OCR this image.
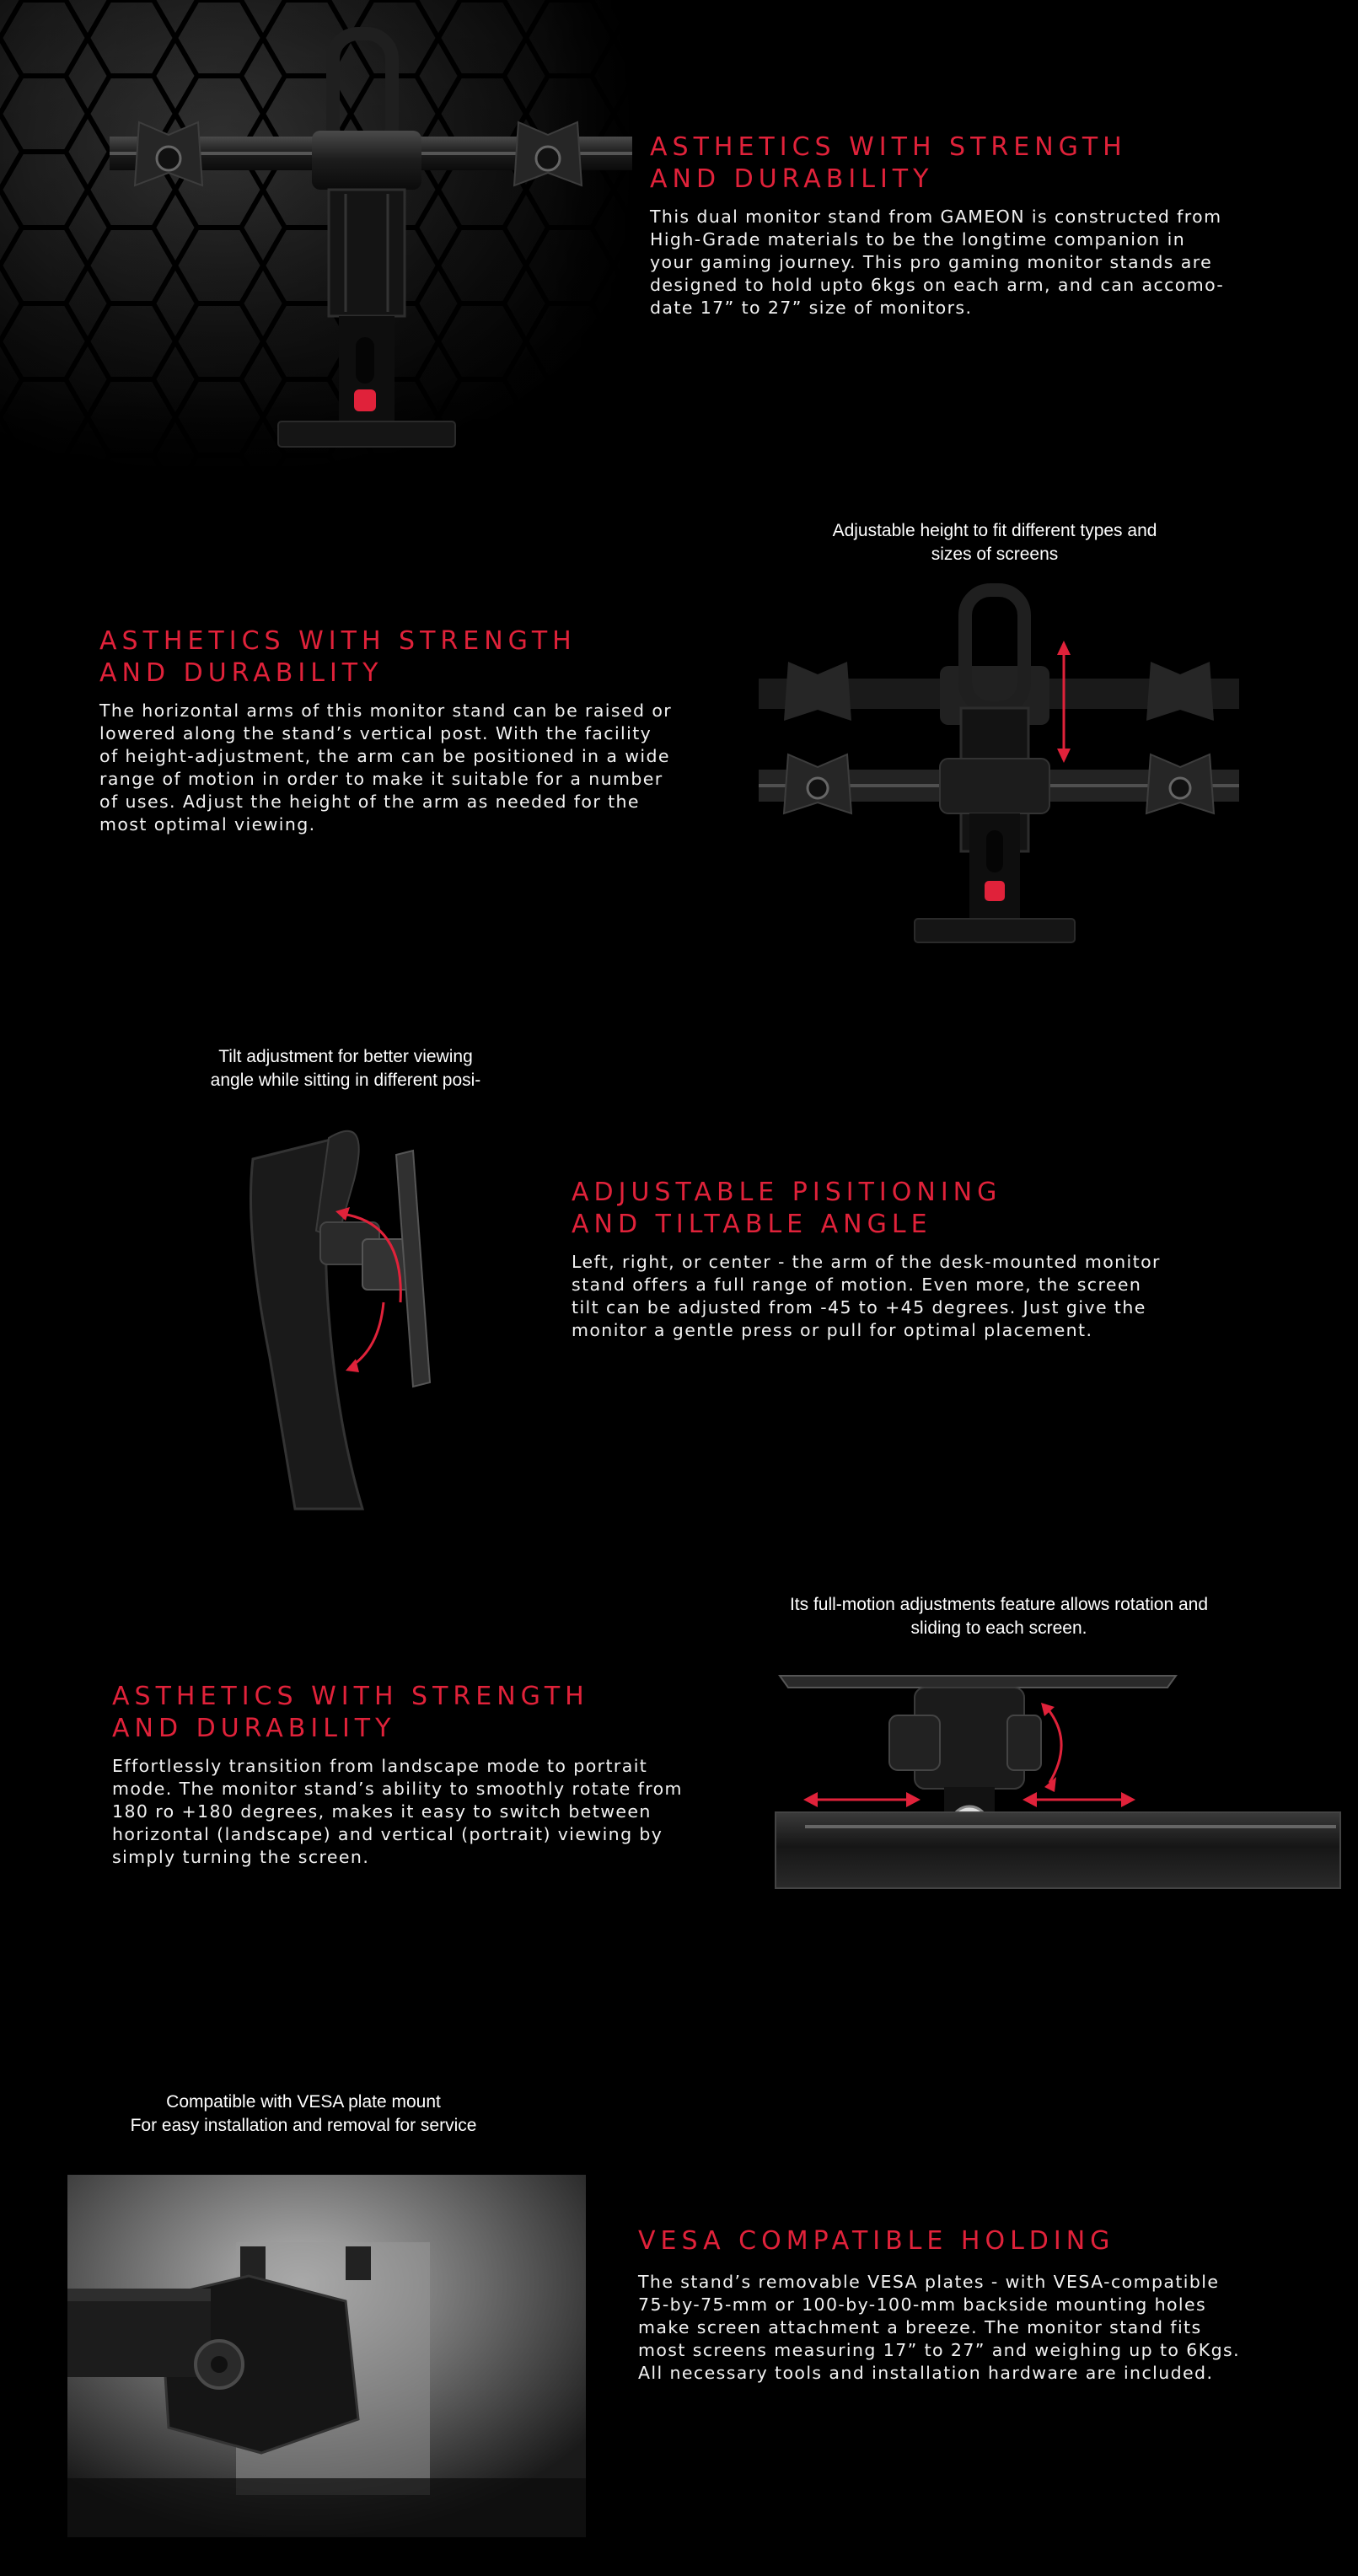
ASTHETICS WITH STRENGTH
AND DURABILITY

This dual monitor stand from GAMEON is constructed from
High-Grade materials to be the longtime companion in
your gaming journey. This pro gaming monitor stands are
designed to hold upto 6kgs on each arm, and can accomo-
date 17” to 27” size of monitors.

Adjustable height to fit different types and
sizes of screens
ASTHETICS WITH STRENGTH
AND DURABILITY

The horizontal arms of this monitor stand can be raised or
lowered along the stand’s vertical post. With the facility
of height-adjustment, the arm can be positioned in a wide
range of motion in order to make it suitable for a number
of uses. Adjust the height of the arm as needed for the
most optimal viewing.

Tilt adjustment for better viewing
angle while sitting in different posi-
ADJUSTABLE PISITIONING
AND TILTABLE ANGLE

Left, right, or center - the arm of the desk-mounted monitor
stand offers a full range of motion. Even more, the screen
tilt can be adjusted from -45 to +45 degrees. Just give the
monitor a gentle press or pull for optimal placement.

Its full-motion adjustments feature allows rotation and
sliding to each screen.
ASTHETICS WITH STRENGTH
AND DURABILITY

Effortlessly transition from landscape mode to portrait
mode. The monitor stand’s ability to smoothly rotate from
180 ro +180 degrees, makes it easy to switch between
horizontal (landscape) and vertical (portrait) viewing by
simply turning the screen.

Compatible with VESA plate mount
For easy installation and removal for service
VESA COMPATIBLE HOLDING

The stand’s removable VESA plates - with VESA-compatible
75-by-75-mm or 100-by-100-mm backside mounting holes
make screen attachment a breeze. The monitor stand fits
most screens measuring 17” to 27” and weighing up to 6Kgs.
All necessary tools and installation hardware are included.
